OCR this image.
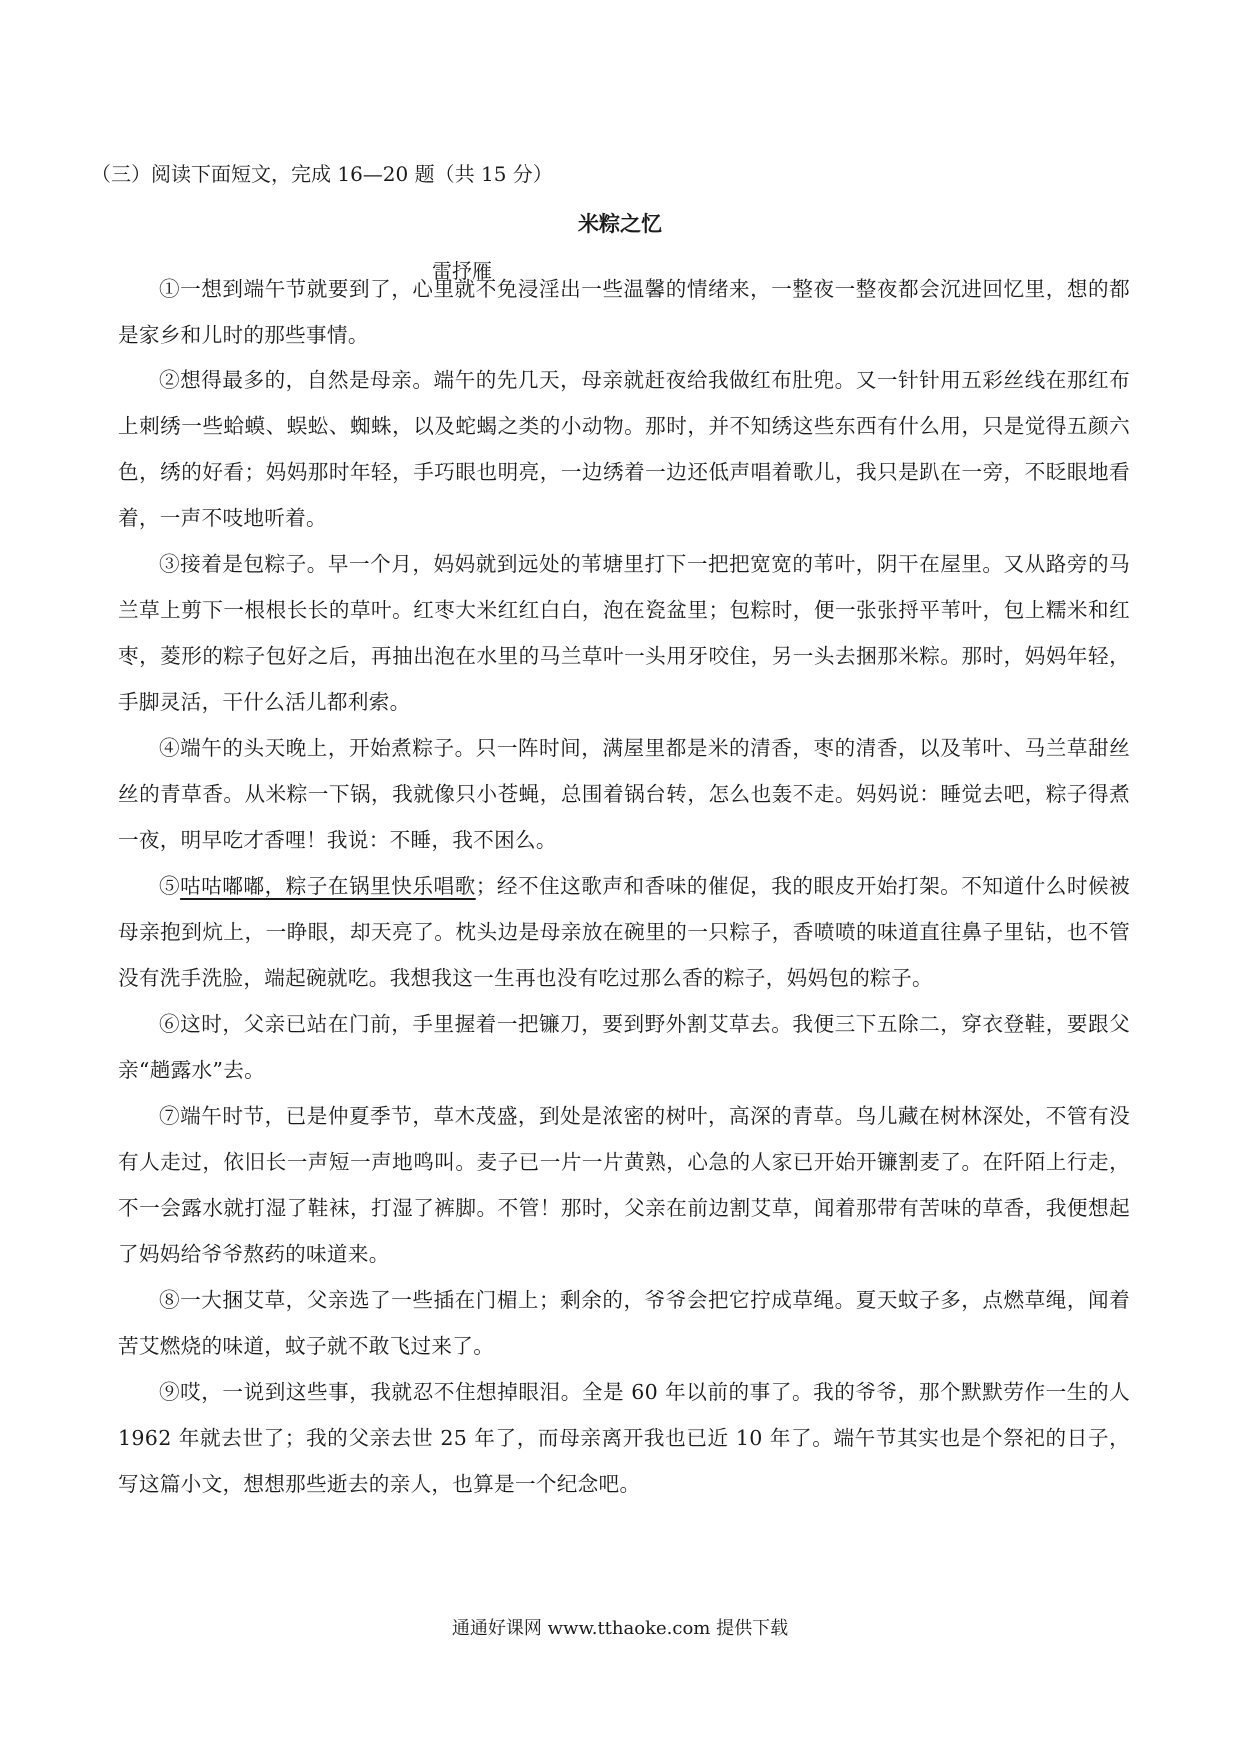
（三）阅读下面短文，完成 16—20 题（共 15 分）
米粽之忆
雷抒雁

①一想到端午节就要到了，心里就不免浸淫出一些温馨的情绪来，一整夜一整夜都会沉进回忆里，想的都是家乡和儿时的那些事情。

②想得最多的，自然是母亲。端午的先几天，母亲就赶夜给我做红布肚兜。又一针针用五彩丝线在那红布上刺绣一些蛤蟆、蜈蚣、蜘蛛，以及蛇蝎之类的小动物。那时，并不知绣这些东西有什么用，只是觉得五颜六色，绣的好看；妈妈那时年轻，手巧眼也明亮，一边绣着一边还低声唱着歌儿，我只是趴在一旁，不眨眼地看着，一声不吱地听着。

③接着是包粽子。早一个月，妈妈就到远处的苇塘里打下一把把宽宽的苇叶，阴干在屋里。又从路旁的马兰草上剪下一根根长长的草叶。红枣大米红红白白，泡在瓷盆里；包粽时，便一张张捋平苇叶，包上糯米和红枣，菱形的粽子包好之后，再抽出泡在水里的马兰草叶一头用牙咬住，另一头去捆那米粽。那时，妈妈年轻，手脚灵活，干什么活儿都利索。

④端午的头天晚上，开始煮粽子。只一阵时间，满屋里都是米的清香，枣的清香，以及苇叶、马兰草甜丝丝的青草香。从米粽一下锅，我就像只小苍蝇，总围着锅台转，怎么也轰不走。妈妈说：睡觉去吧，粽子得煮一夜，明早吃才香哩！我说：不睡，我不困么。

⑤咕咕嘟嘟，粽子在锅里快乐唱歌；经不住这歌声和香味的催促，我的眼皮开始打架。不知道什么时候被母亲抱到炕上，一睁眼，却天亮了。枕头边是母亲放在碗里的一只粽子，香喷喷的味道直往鼻子里钻，也不管没有洗手洗脸，端起碗就吃。我想我这一生再也没有吃过那么香的粽子，妈妈包的粽子。

⑥这时，父亲已站在门前，手里握着一把镰刀，要到野外割艾草去。我便三下五除二，穿衣登鞋，要跟父亲“趟露水”去。

⑦端午时节，已是仲夏季节，草木茂盛，到处是浓密的树叶，高深的青草。鸟儿藏在树林深处，不管有没有人走过，依旧长一声短一声地鸣叫。麦子已一片一片黄熟，心急的人家已开始开镰割麦了。在阡陌上行走，不一会露水就打湿了鞋袜，打湿了裤脚。不管！那时，父亲在前边割艾草，闻着那带有苦味的草香，我便想起了妈妈给爷爷熬药的味道来。

⑧一大捆艾草，父亲选了一些插在门楣上；剩余的，爷爷会把它拧成草绳。夏天蚊子多，点燃草绳，闻着苦艾燃烧的味道，蚊子就不敢飞过来了。

⑨哎，一说到这些事，我就忍不住想掉眼泪。全是 60 年以前的事了。我的爷爷，那个默默劳作一生的人 1962 年就去世了；我的父亲去世 25 年了，而母亲离开我也已近 10 年了。端午节其实也是个祭祀的日子，写这篇小文，想想那些逝去的亲人，也算是一个纪念吧。

通通好课网 www.tthaoke.com 提供下载
